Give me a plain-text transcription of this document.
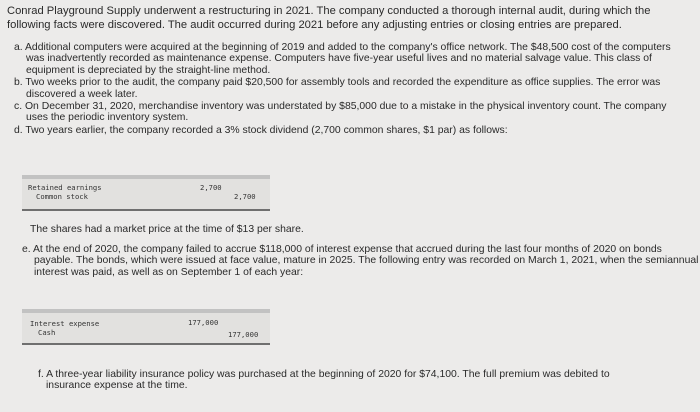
Conrad Playground Supply underwent a restructuring in 2021. The company conducted a thorough internal audit, during which the following facts were discovered. The audit occurred during 2021 before any adjusting entries or closing entries are prepared.
a. Additional computers were acquired at the beginning of 2019 and added to the company's office network. The $48,500 cost of the computers was inadvertently recorded as maintenance expense. Computers have five-year useful lives and no material salvage value. This class of equipment is depreciated by the straight-line method.
b. Two weeks prior to the audit, the company paid $20,500 for assembly tools and recorded the expenditure as office supplies. The error was discovered a week later.
c. On December 31, 2020, merchandise inventory was understated by $85,000 due to a mistake in the physical inventory count. The company uses the periodic inventory system.
d. Two years earlier, the company recorded a 3% stock dividend (2,700 common shares, $1 par) as follows:
Retained earnings
Common stock
2,700
2,700
The shares had a market price at the time of $13 per share.
e. At the end of 2020, the company failed to accrue $118,000 of interest expense that accrued during the last four months of 2020 on bonds payable. The bonds, which were issued at face value, mature in 2025. The following entry was recorded on March 1, 2021, when the semiannual interest was paid, as well as on September 1 of each year:
Interest expense
Cash
177,000
177,000
f. A three-year liability insurance policy was purchased at the beginning of 2020 for $74,100. The full premium was debited to insurance expense at the time.
